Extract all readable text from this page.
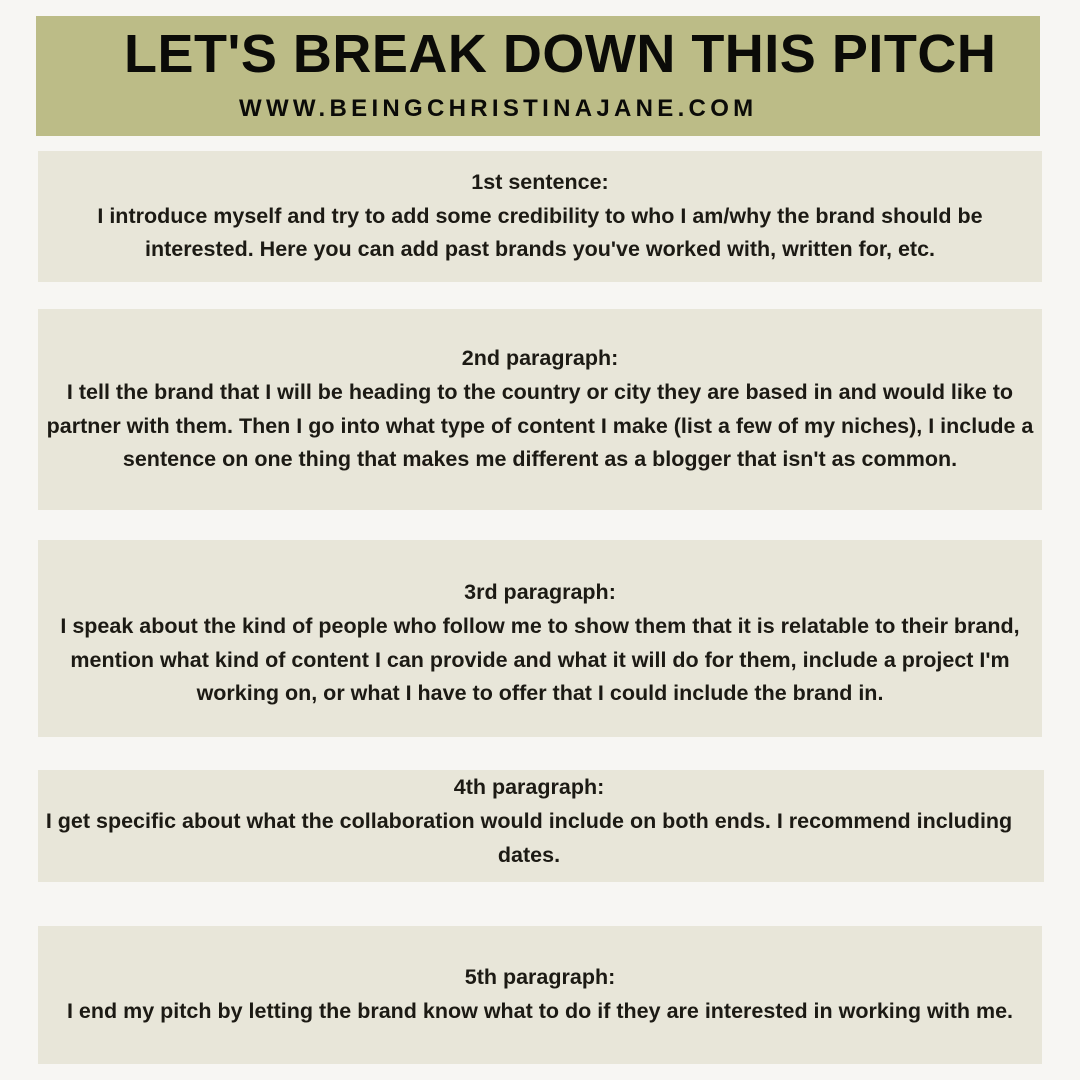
LET'S BREAK DOWN THIS PITCH
WWW.BEINGCHRISTINAJANE.COM
1st sentence:
I introduce myself and try to add some credibility to who I am/why the brand should be interested. Here you can add past brands you've worked with, written for, etc.
2nd paragraph:
I tell the brand that I will be heading to the country or city they are based in and would like to partner with them. Then I go into what type of content I make (list a few of my niches), I include a sentence on one thing that makes me different as a blogger that isn't as common.
3rd paragraph:
I speak about the kind of people who follow me to show them that it is relatable to their brand, mention what kind of content I can provide and what it will do for them, include a project I'm working on, or what I have to offer that I could include the brand in.
4th paragraph:
I get specific about what the collaboration would include on both ends. I recommend including dates.
5th paragraph:
I end my pitch by letting the brand know what to do if they are interested in working with me.
